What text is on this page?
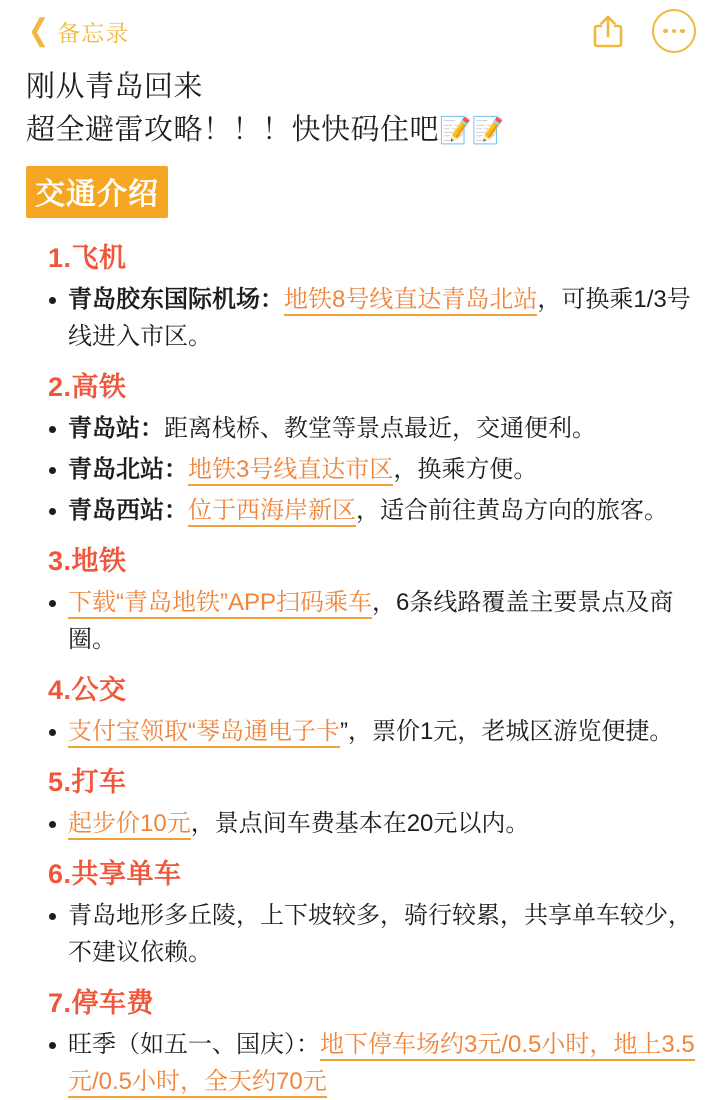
❮ 备忘录
刚从青岛回来
超全避雷攻略！！！快快码住吧📝📝
交通介绍
1.飞机
青岛胶东国际机场：地铁8号线直达青岛北站，可换乘1/3号线进入市区。
2.高铁
青岛站：距离栈桥、教堂等景点最近，交通便利。
青岛北站：地铁3号线直达市区，换乘方便。
青岛西站：位于西海岸新区，适合前往黄岛方向的旅客。
3.地铁
下载“青岛地铁”APP扫码乘车，6条线路覆盖主要景点及商圈。
4.公交
支付宝领取“琴岛通电子卡”，票价1元，老城区游览便捷。
5.打车
起步价10元，景点间车费基本在20元以内。
6.共享单车
青岛地形多丘陵，上下坡较多，骑行较累，共享单车较少，不建议依赖。
7.停车费
旺季（如五一、国庆）：地下停车场约3元/0.5小时，地上3.5元/0.5小时，全天约70元
